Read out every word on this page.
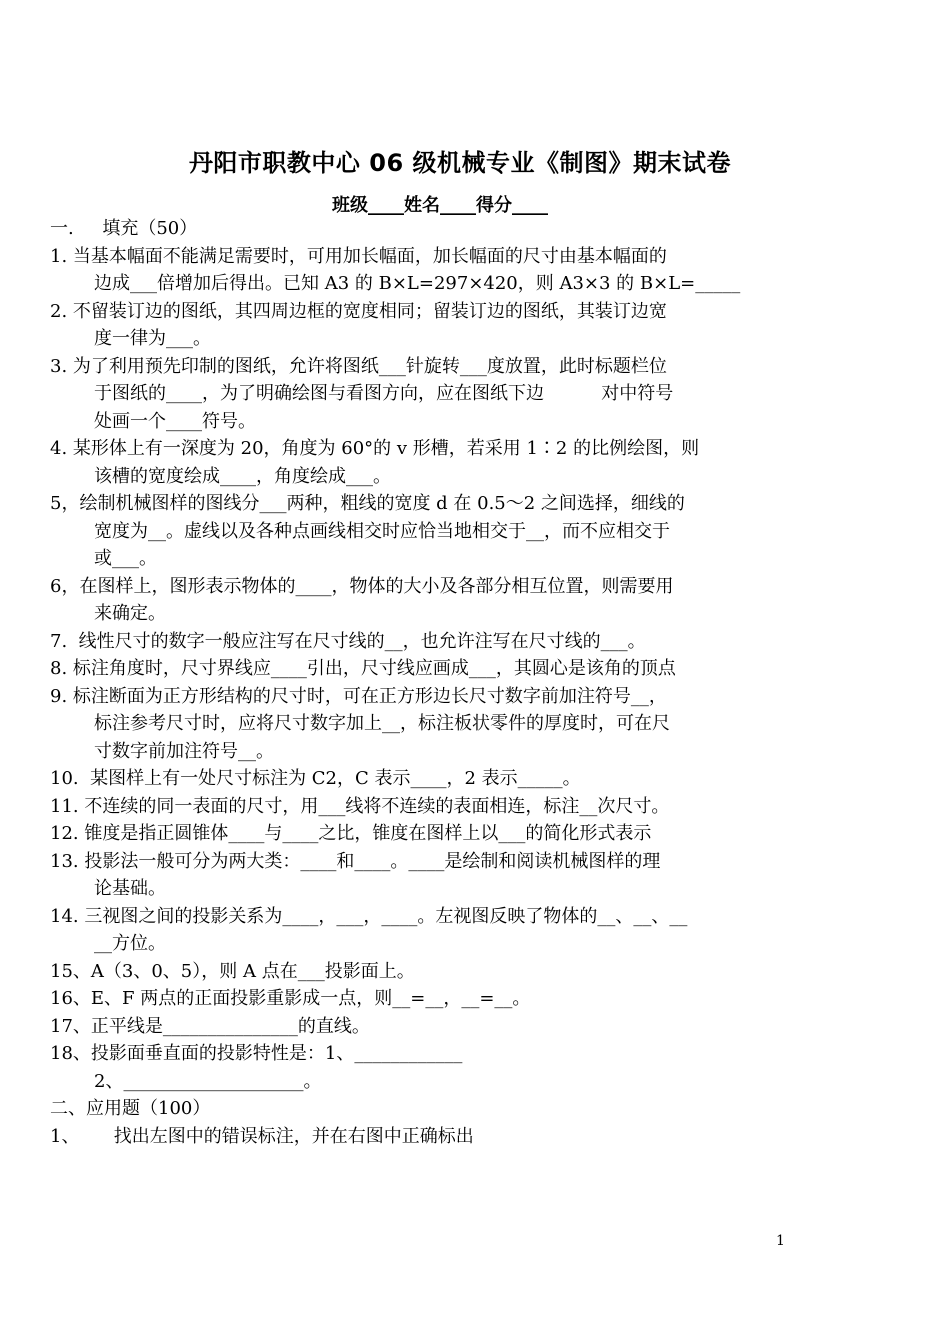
丹阳市职教中心 06 级机械专业《制图》期末试卷
班级____姓名____得分____
一.     填充（50）
1. 当基本幅面不能满足需要时，可用加长幅面，加长幅面的尺寸由基本幅面的
边成___倍增加后得出。已知 A3 的 B×L=297×420，则 A3×3 的 B×L=_____
2. 不留装订边的图纸，其四周边框的宽度相同；留装订边的图纸，其装订边宽
度一律为___。
3. 为了利用预先印制的图纸，允许将图纸___针旋转___度放置，此时标题栏位
于图纸的____，为了明确绘图与看图方向，应在图纸下边          对中符号
处画一个____符号。
4. 某形体上有一深度为 20，角度为 60°的 v 形槽，若采用 1∶2 的比例绘图，则
该槽的宽度绘成____，角度绘成___。
5，绘制机械图样的图线分___两种，粗线的宽度 d 在 0.5～2 之间选择，细线的
宽度为__。虚线以及各种点画线相交时应恰当地相交于__，而不应相交于
或___。
6，在图样上，图形表示物体的____，物体的大小及各部分相互位置，则需要用
来确定。
7.  线性尺寸的数字一般应注写在尺寸线的__，也允许注写在尺寸线的___。
8. 标注角度时，尺寸界线应____引出，尺寸线应画成___，其圆心是该角的顶点
9. 标注断面为正方形结构的尺寸时，可在正方形边长尺寸数字前加注符号__，
标注参考尺寸时，应将尺寸数字加上__，标注板状零件的厚度时，可在尺
寸数字前加注符号__。
10.  某图样上有一处尺寸标注为 C2，C 表示____，2 表示_____。
11. 不连续的同一表面的尺寸，用___线将不连续的表面相连，标注__次尺寸。
12. 锥度是指正圆锥体____与____之比，锥度在图样上以___的简化形式表示
13. 投影法一般可分为两大类：____和____。____是绘制和阅读机械图样的理
论基础。
14. 三视图之间的投影关系为____，___，____。左视图反映了物体的__、__、__
__方位。
15、A（3、0、5），则 A 点在___投影面上。
16、E、F 两点的正面投影重影成一点，则__=__，__=__。
17、正平线是_______________的直线。
18、投影面垂直面的投影特性是：1、____________
2、____________________。
二、应用题（100）
1、      找出左图中的错误标注，并在右图中正确标出
1
